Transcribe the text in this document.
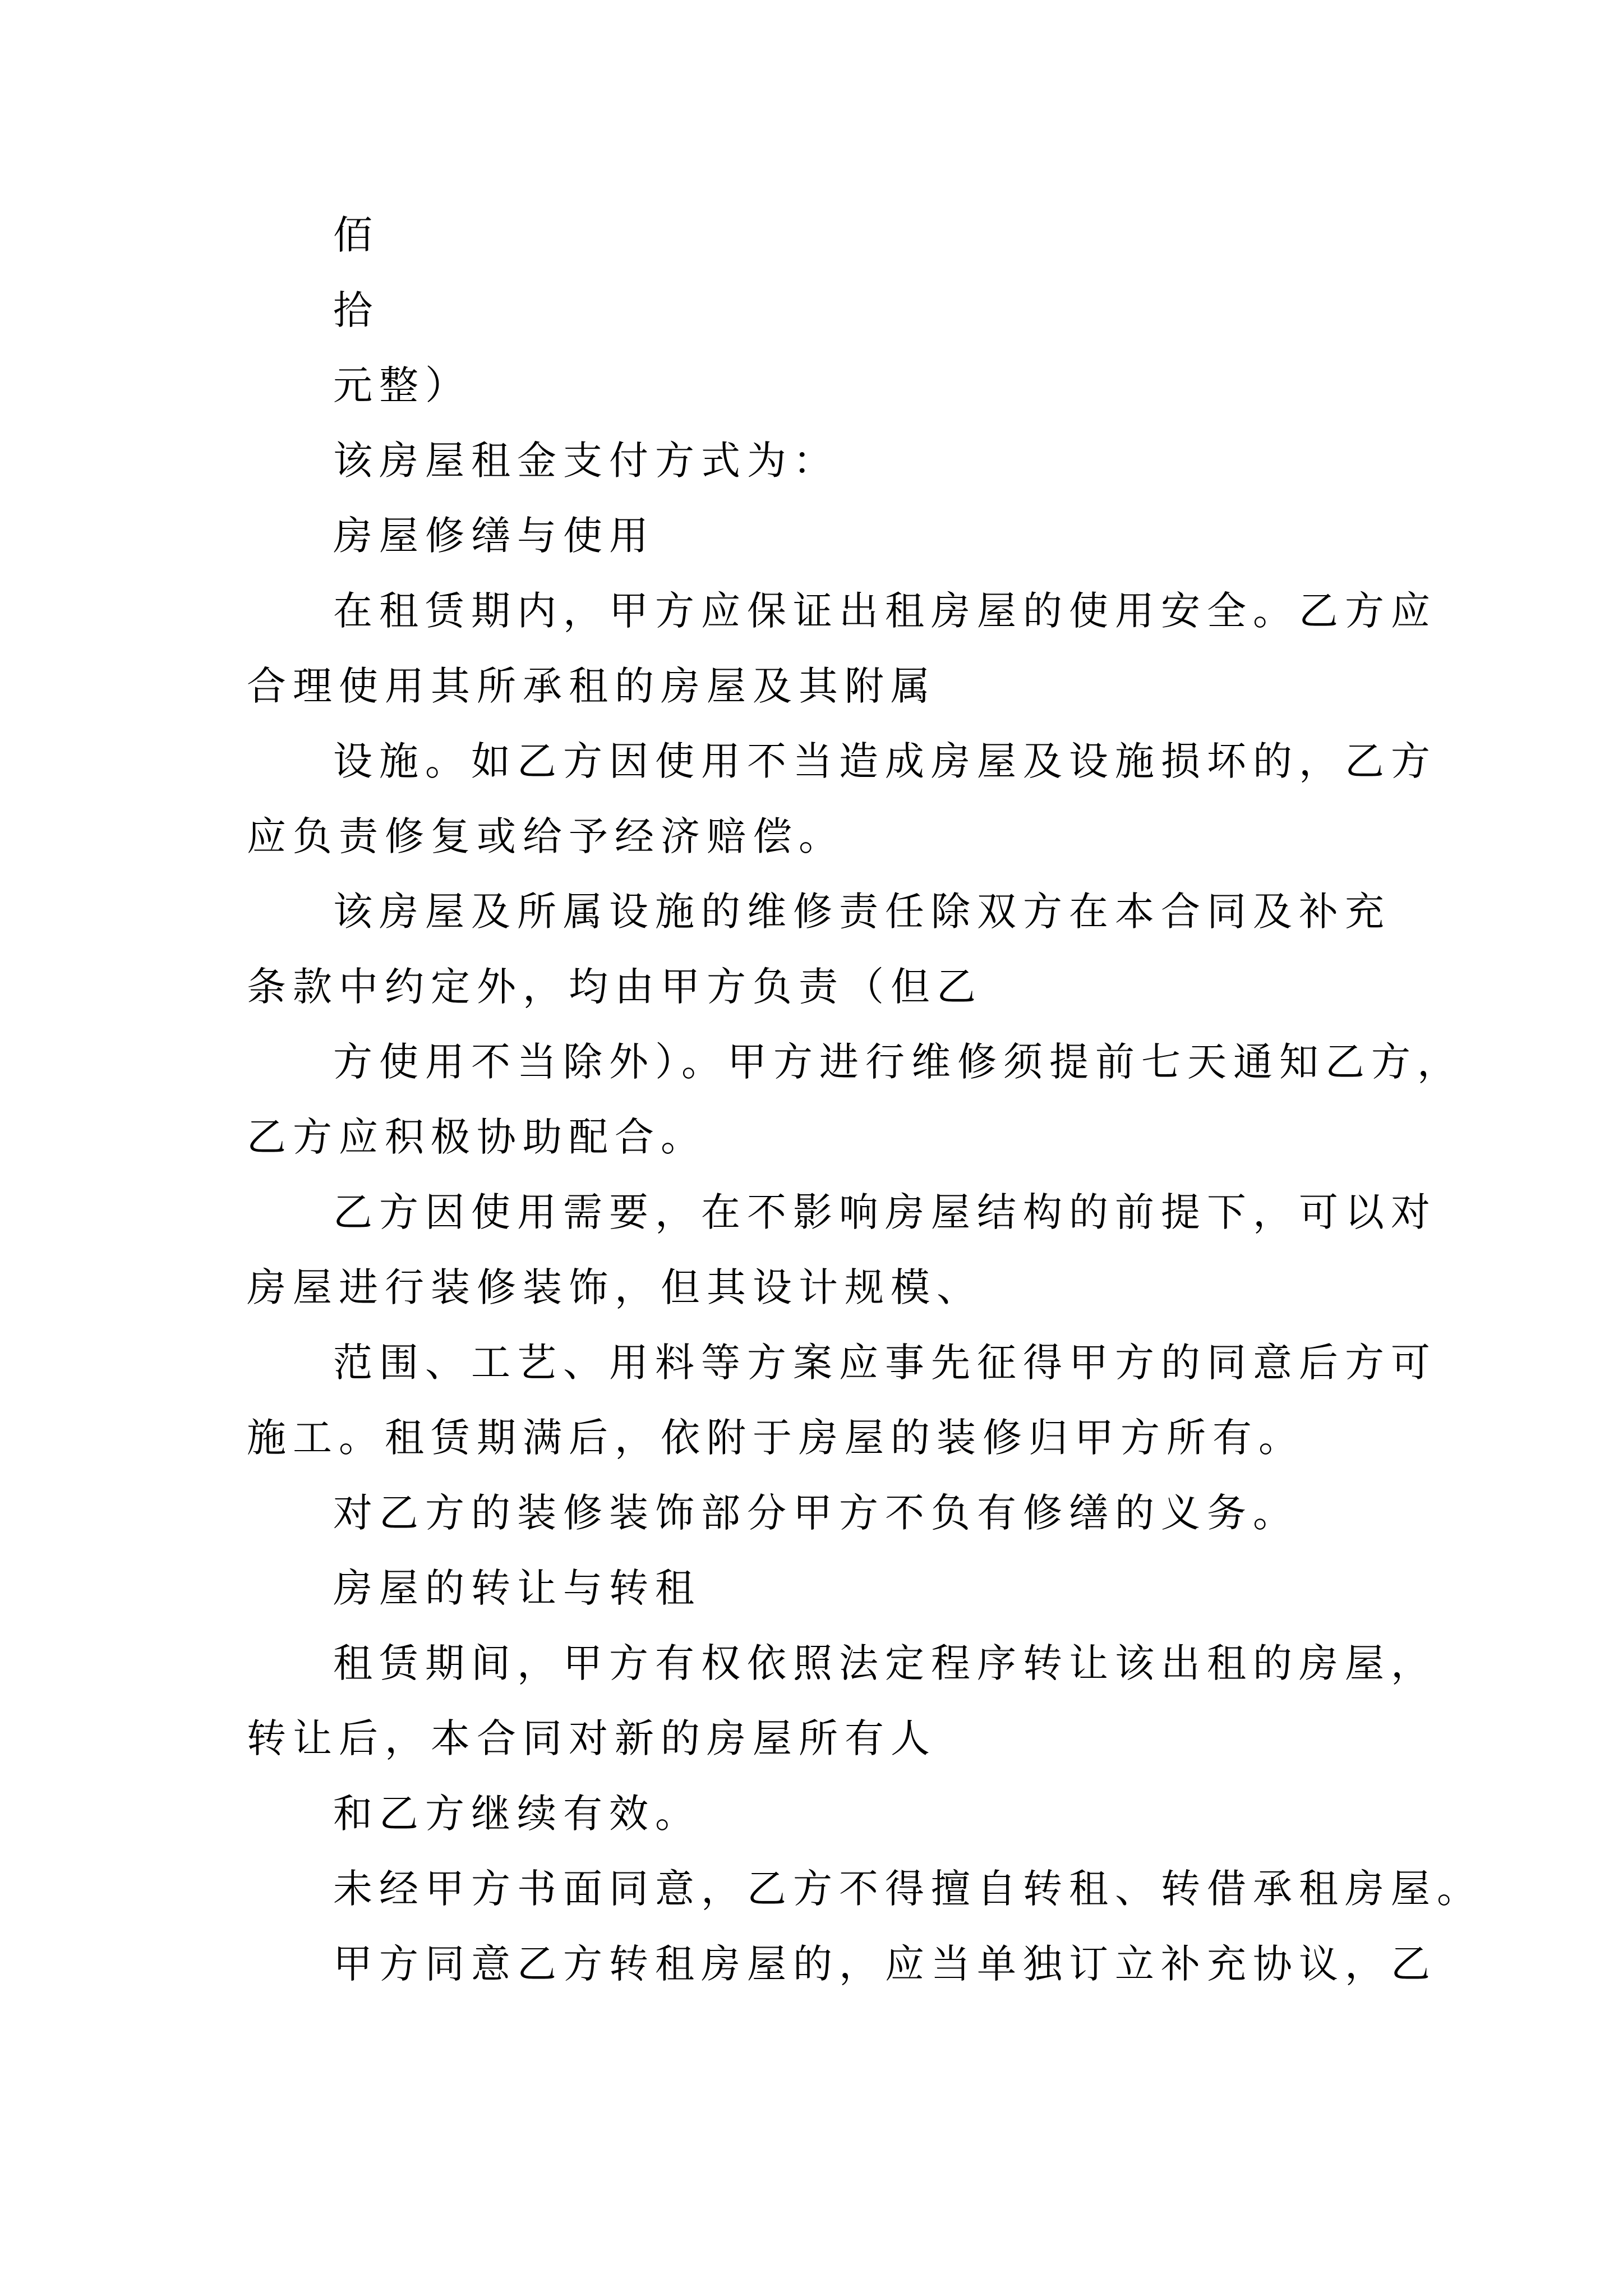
佰
拾
元整）
该房屋租金支付方式为：
房屋修缮与使用
在租赁期内，甲方应保证出租房屋的使用安全。乙方应
合理使用其所承租的房屋及其附属
设施。如乙方因使用不当造成房屋及设施损坏的，乙方
应负责修复或给予经济赔偿。
该房屋及所属设施的维修责任除双方在本合同及补充
条款中约定外，均由甲方负责（但乙
方使用不当除外）。甲方进行维修须提前七天通知乙方，
乙方应积极协助配合。
乙方因使用需要，在不影响房屋结构的前提下，可以对
房屋进行装修装饰，但其设计规模、
范围、工艺、用料等方案应事先征得甲方的同意后方可
施工。租赁期满后，依附于房屋的装修归甲方所有。
对乙方的装修装饰部分甲方不负有修缮的义务。
房屋的转让与转租
租赁期间，甲方有权依照法定程序转让该出租的房屋，
转让后，本合同对新的房屋所有人
和乙方继续有效。
未经甲方书面同意，乙方不得擅自转租、转借承租房屋。
甲方同意乙方转租房屋的，应当单独订立补充协议，乙
